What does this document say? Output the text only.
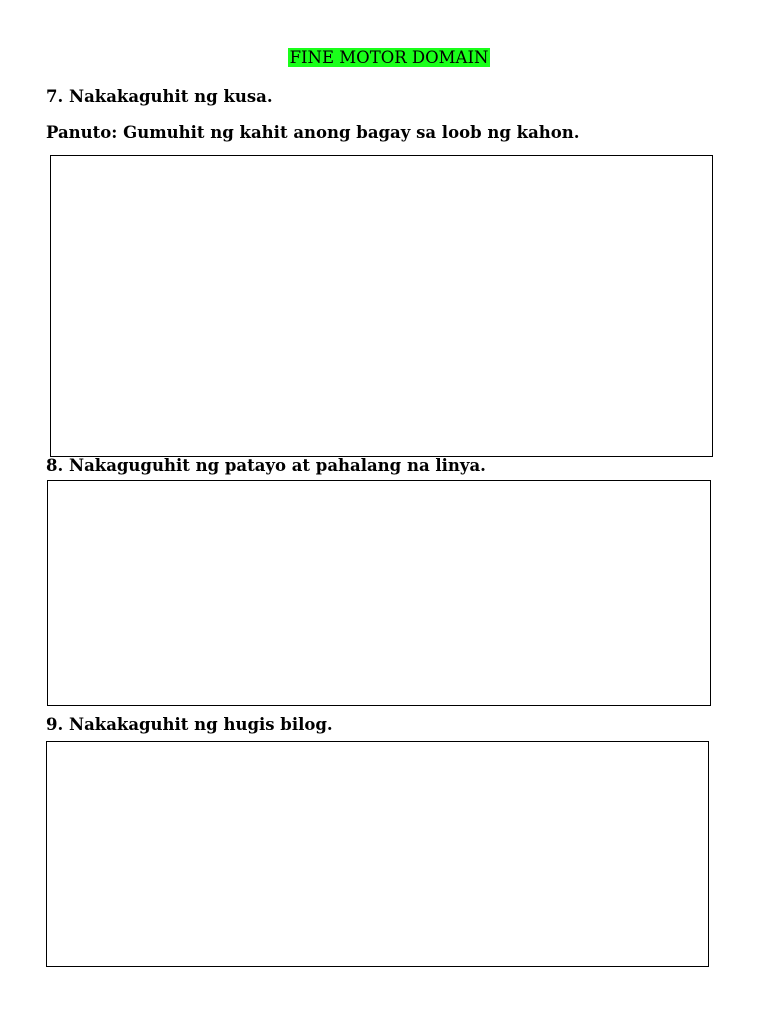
FINE MOTOR DOMAIN
7. Nakakaguhit ng kusa.
Panuto: Gumuhit ng kahit anong bagay sa loob ng kahon.
8. Nakaguguhit ng patayo at pahalang na linya.
9. Nakakaguhit ng hugis bilog.
